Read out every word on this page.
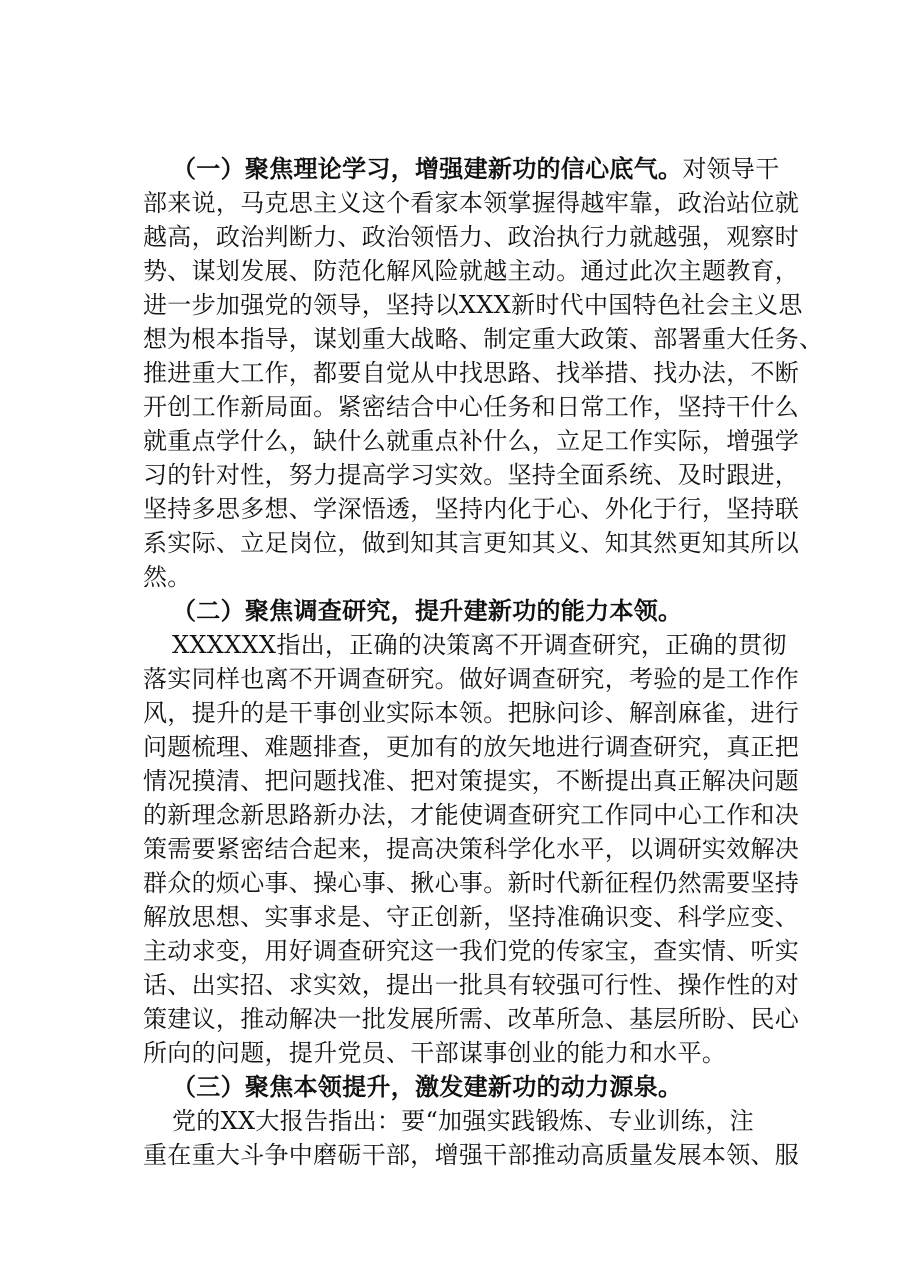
（一）聚焦理论学习，增强建新功的信心底气。对领导干
部来说，马克思主义这个看家本领掌握得越牢靠，政治站位就
越高，政治判断力、政治领悟力、政治执行力就越强，观察时
势、谋划发展、防范化解风险就越主动。通过此次主题教育，
进一步加强党的领导，坚持以XXX新时代中国特色社会主义思
想为根本指导，谋划重大战略、制定重大政策、部署重大任务、
推进重大工作，都要自觉从中找思路、找举措、找办法，不断
开创工作新局面。紧密结合中心任务和日常工作，坚持干什么
就重点学什么，缺什么就重点补什么，立足工作实际，增强学
习的针对性，努力提高学习实效。坚持全面系统、及时跟进，
坚持多思多想、学深悟透，坚持内化于心、外化于行，坚持联
系实际、立足岗位，做到知其言更知其义、知其然更知其所以
然。
（二）聚焦调查研究，提升建新功的能力本领。
XXXXXX指出，正确的决策离不开调查研究，正确的贯彻
落实同样也离不开调查研究。做好调查研究，考验的是工作作
风，提升的是干事创业实际本领。把脉问诊、解剖麻雀，进行
问题梳理、难题排查，更加有的放矢地进行调查研究，真正把
情况摸清、把问题找准、把对策提实，不断提出真正解决问题
的新理念新思路新办法，才能使调查研究工作同中心工作和决
策需要紧密结合起来，提高决策科学化水平，以调研实效解决
群众的烦心事、操心事、揪心事。新时代新征程仍然需要坚持
解放思想、实事求是、守正创新，坚持准确识变、科学应变、
主动求变，用好调查研究这一我们党的传家宝，查实情、听实
话、出实招、求实效，提出一批具有较强可行性、操作性的对
策建议，推动解决一批发展所需、改革所急、基层所盼、民心
所向的问题，提升党员、干部谋事创业的能力和水平。
（三）聚焦本领提升，激发建新功的动力源泉。
党的XX大报告指出：要“加强实践锻炼、专业训练，注
重在重大斗争中磨砺干部，增强干部推动高质量发展本领、服
